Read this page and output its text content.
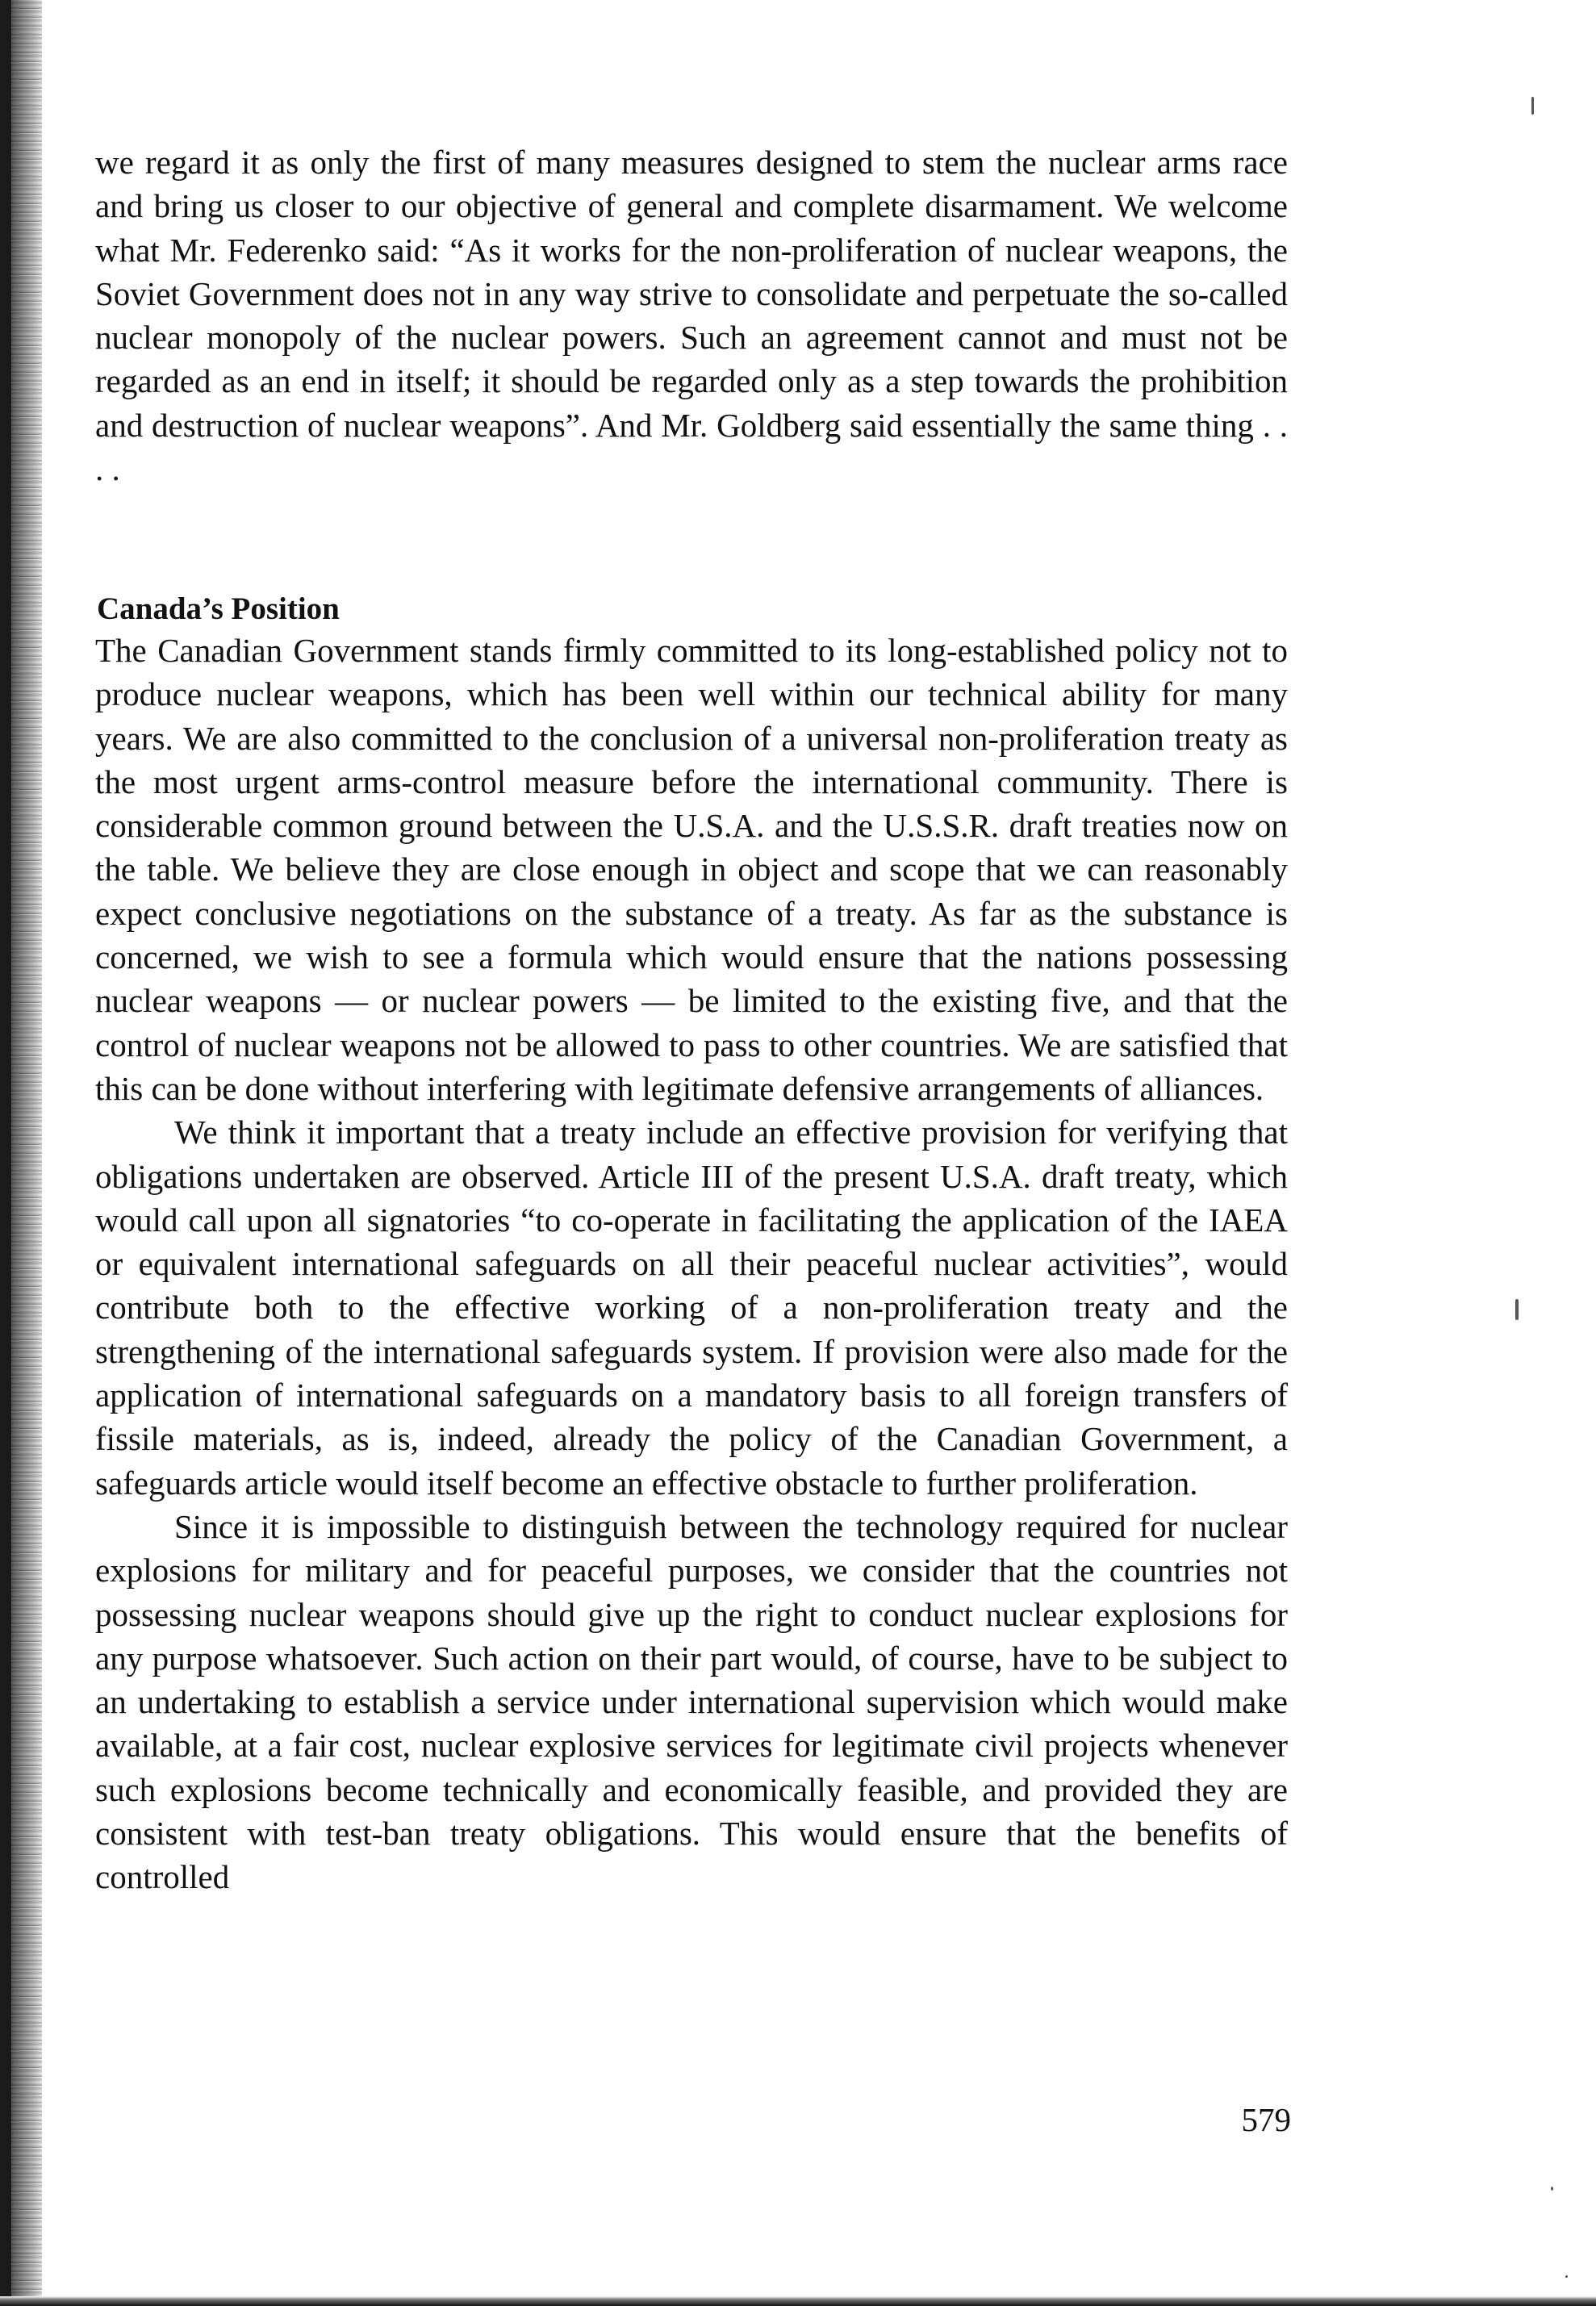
we regard it as only the first of many measures designed to stem the nuclear arms race and bring us closer to our objective of general and complete disarmament. We welcome what Mr. Federenko said: “As it works for the non-proliferation of nuclear weapons, the Soviet Government does not in any way strive to consolidate and perpetuate the so-called nuclear monopoly of the nuclear powers. Such an agreement cannot and must not be regarded as an end in itself; it should be regarded only as a step towards the prohibition and destruction of nuclear weapons”. And Mr. Goldberg said essentially the same thing . . . .

Canada’s Position

The Canadian Government stands firmly committed to its long-established policy not to produce nuclear weapons, which has been well within our technical ability for many years. We are also committed to the conclusion of a universal non-proliferation treaty as the most urgent arms-control measure before the international community. There is considerable common ground between the U.S.A. and the U.S.S.R. draft treaties now on the table. We believe they are close enough in object and scope that we can reasonably expect conclusive negotiations on the substance of a treaty. As far as the substance is concerned, we wish to see a formula which would ensure that the nations possessing nuclear weapons — or nuclear powers — be limited to the existing five, and that the control of nuclear weapons not be allowed to pass to other countries. We are satisfied that this can be done without interfering with legitimate defensive arrangements of alliances.

We think it important that a treaty include an effective provision for verifying that obligations undertaken are observed. Article III of the present U.S.A. draft treaty, which would call upon all signatories “to co-operate in facilitating the application of the IAEA or equivalent international safeguards on all their peaceful nuclear activities”, would contribute both to the effective working of a non-proliferation treaty and the strengthening of the international safeguards system. If provision were also made for the application of international safeguards on a mandatory basis to all foreign transfers of fissile materials, as is, indeed, already the policy of the Canadian Government, a safeguards article would itself become an effective obstacle to further proliferation.

Since it is impossible to distinguish between the technology required for nuclear explosions for military and for peaceful purposes, we consider that the countries not possessing nuclear weapons should give up the right to conduct nuclear explosions for any purpose whatsoever. Such action on their part would, of course, have to be subject to an undertaking to establish a service under international supervision which would make available, at a fair cost, nuclear explosive services for legitimate civil projects whenever such explosions become technically and economically feasible, and provided they are consistent with test-ban treaty obligations. This would ensure that the benefits of controlled

579
